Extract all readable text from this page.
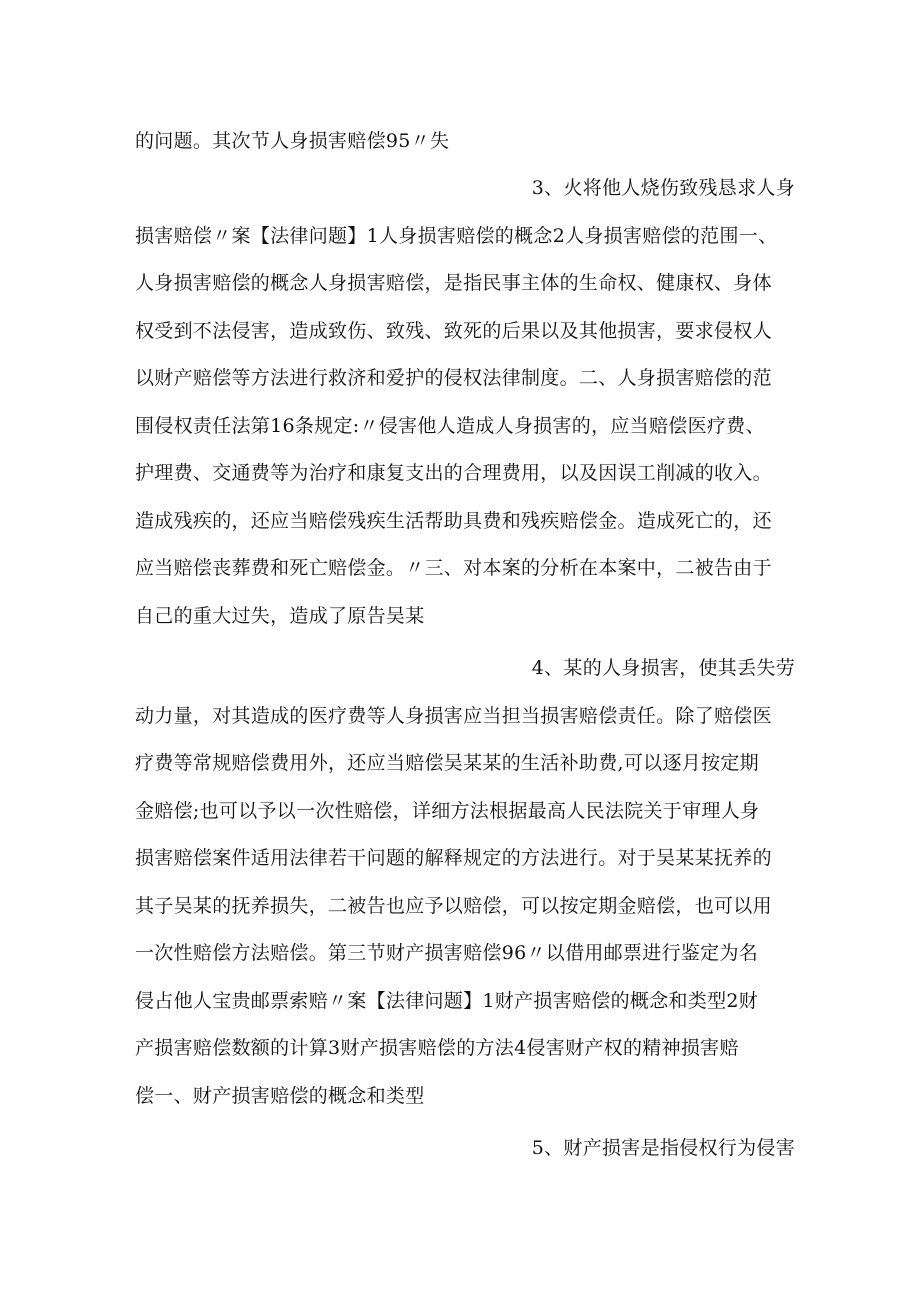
的问题。其次节人身损害赔偿95〃失
3、火将他人烧伤致残恳求人身
损害赔偿〃案【法律问题】1人身损害赔偿的概念2人身损害赔偿的范围一、
人身损害赔偿的概念人身损害赔偿，是指民事主体的生命权、健康权、身体
权受到不法侵害，造成致伤、致残、致死的后果以及其他损害，要求侵权人
以财产赔偿等方法进行救济和爱护的侵权法律制度。二、人身损害赔偿的范
围侵权责任法第16条规定:〃侵害他人造成人身损害的，应当赔偿医疗费、
护理费、交通费等为治疗和康复支出的合理费用，以及因误工削减的收入。
造成残疾的，还应当赔偿残疾生活帮助具费和残疾赔偿金。造成死亡的，还
应当赔偿丧葬费和死亡赔偿金。〃三、对本案的分析在本案中，二被告由于
自己的重大过失，造成了原告吴某
4、某的人身损害，使其丢失劳
动力量，对其造成的医疗费等人身损害应当担当损害赔偿责任。除了赔偿医
疗费等常规赔偿费用外，还应当赔偿吴某某的生活补助费,可以逐月按定期
金赔偿;也可以予以一次性赔偿，详细方法根据最高人民法院关于审理人身
损害赔偿案件适用法律若干问题的解释规定的方法进行。对于吴某某抚养的
其子吴某的抚养损失，二被告也应予以赔偿，可以按定期金赔偿，也可以用
一次性赔偿方法赔偿。第三节财产损害赔偿96〃以借用邮票进行鉴定为名
侵占他人宝贵邮票索赔〃案【法律问题】1财产损害赔偿的概念和类型2财
产损害赔偿数额的计算3财产损害赔偿的方法4侵害财产权的精神损害赔
偿一、财产损害赔偿的概念和类型
5、财产损害是指侵权行为侵害
